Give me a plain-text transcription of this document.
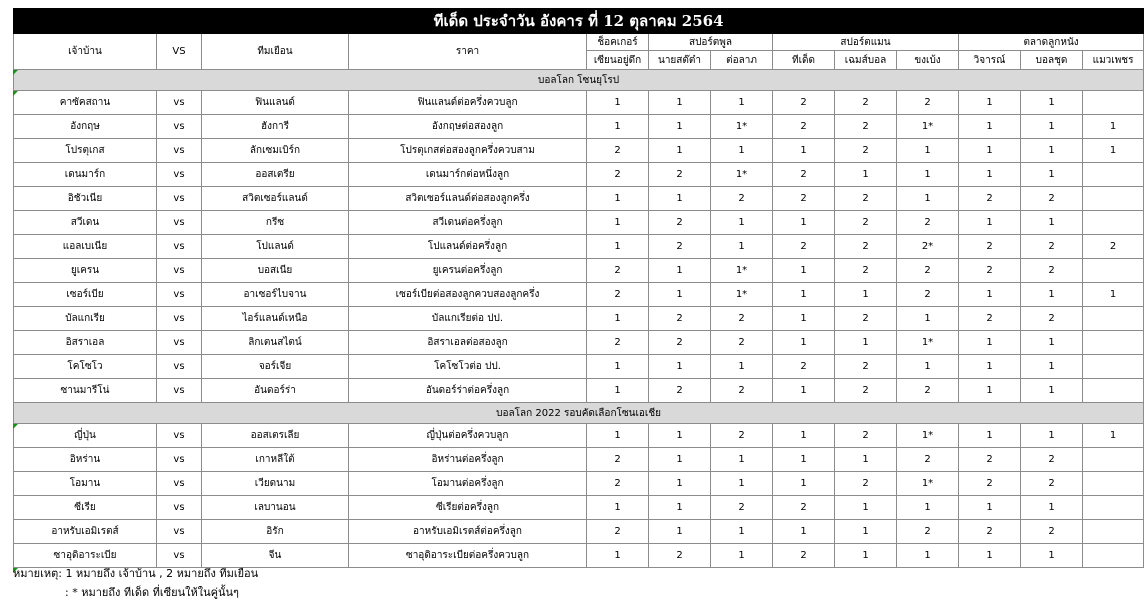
ทีเด็ด ประจำวัน อังคาร ที่ 12 ตุลาคม 2564												
เจ้าบ้าน	VS	ทีมเยือน	ราคา	ช็อคเกอร์	สปอร์ตพูล		สปอร์ตแมน			ตลาดลูกหนัง		
				เซียนอยู่ดึก	นายสต๊ต๋า	ต่อลาภ	ทีเด็ด	เฉมส์บอล	ขงเบ้ง	วิจารณ์	บอลชุด	แมวเพชร
บอลโลก โซนยุโรป												
คาซัคสถาน	vs	ฟินแลนด์	ฟินแลนด์ต่อครึ่งควบลูก	1	1	1	2	2	2	1	1	
อังกฤษ	vs	ฮังการี	อังกฤษต่อสองลูก	1	1	1*	2	2	1*	1	1	1
โปรตุเกส	vs	ลักเซมเบิร์ก	โปรตุเกสต่อสองลูกครึ่งควบสาม	2	1	1	1	2	1	1	1	1
เดนมาร์ก	vs	ออสเตรีย	เดนมาร์กต่อหนึ่งลูก	2	2	1*	2	1	1	1	1	
อิชัวเนีย	vs	สวิตเซอร์แลนด์	สวิตเซอร์แลนด์ต่อสองลูกครึ่ง	1	1	2	2	2	1	2	2	
สวีเดน	vs	กรีซ	สวีเดนต่อครึ่งลูก	1	2	1	1	2	2	1	1	
แอลเบเนีย	vs	โปแลนด์	โปแลนด์ต่อครึ่งลูก	1	2	1	2	2	2*	2	2	2
ยูเครน	vs	บอสเนีย	ยูเครนต่อครึ่งลูก	2	1	1*	1	2	2	2	2	
เซอร์เบีย	vs	อาเซอร์ไบจาน	เซอร์เบียต่อสองลูกควบสองลูกครึ่ง	2	1	1*	1	1	2	1	1	1
บัลแกเรีย	vs	ไอร์แลนด์เหนือ	บัลแกเรียต่อ ปป.	1	2	2	1	2	1	2	2	
อิสราเอล	vs	ลิกเตนสไตน์	อิสราเอลต่อสองลูก	2	2	2	1	1	1*	1	1	
โคโซโว	vs	จอร์เจีย	โคโซโวต่อ ปป.	1	1	1	2	2	1	1	1	
ซานมารีโน่	vs	อันดอร์ร่า	อันดอร์ร่าต่อครึ่งลูก	1	2	2	1	2	2	1	1	
บอลโลก 2022 รอบคัดเลือกโซนเอเชีย												
ญี่ปุ่น	vs	ออสเตรเลีย	ญี่ปุ่นต่อครึ่งควบลูก	1	1	2	1	2	1*	1	1	1
อิหร่าน	vs	เกาหลีใต้	อิหร่านต่อครึ่งลูก	2	1	1	1	1	2	2	2	
โอมาน	vs	เวียดนาม	โอมานต่อครึ่งลูก	2	1	1	1	2	1*	2	2	
ซีเรีย	vs	เลบานอน	ซีเรียต่อครึ่งลูก	1	1	2	2	1	1	1	1	
อาหรับเอมิเรตส์	vs	อิรัก	อาหรับเอมิเรตส์ต่อครึ่งลูก	2	1	1	1	1	2	2	2	
ซาอุดิอาระเบีย	vs	จีน	ซาอุดิอาระเบียต่อครึ่งควบลูก	1	2	1	2	1	1	1	1	
หมายเหตุ: 1 หมายถึง เจ้าบ้าน , 2 หมายถึง ทีมเยือน
: * หมายถึง ทีเด็ด ที่เซียนให้ในคู่นั้นๆ
